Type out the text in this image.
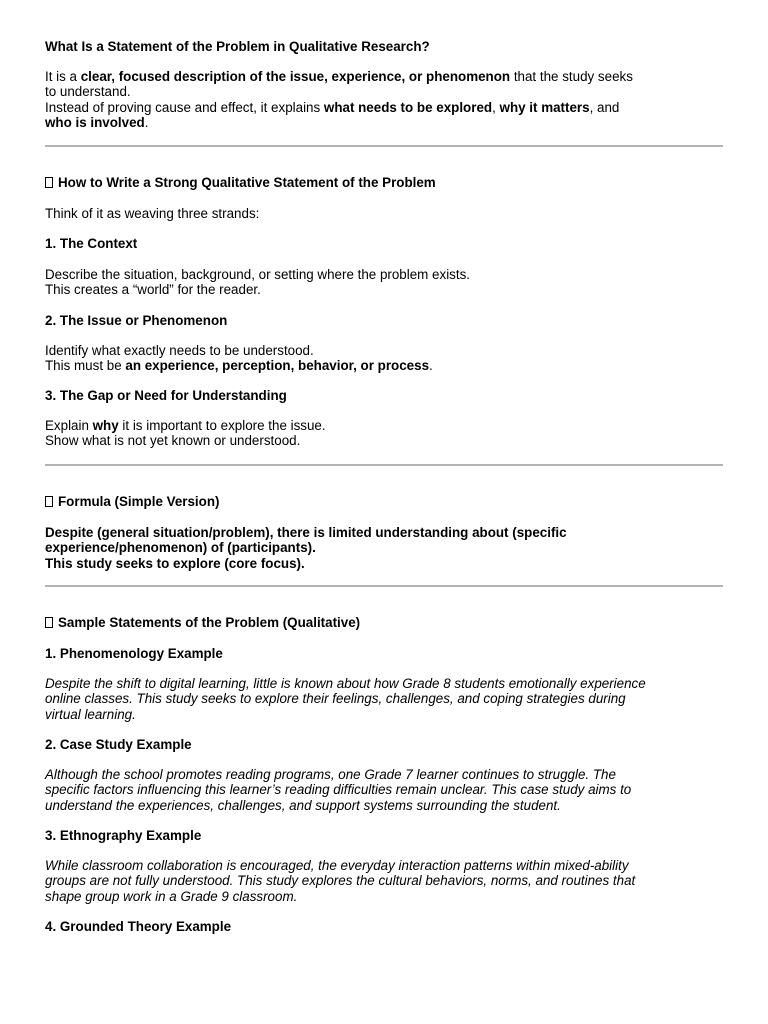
What Is a Statement of the Problem in Qualitative Research?

It is a clear, focused description of the issue, experience, or phenomenon that the study seeks
to understand.
Instead of proving cause and effect, it explains what needs to be explored, why it matters, and
who is involved.

How to Write a Strong Qualitative Statement of the Problem

Think of it as weaving three strands:

1. The Context

Describe the situation, background, or setting where the problem exists.
This creates a “world” for the reader.

2. The Issue or Phenomenon

Identify what exactly needs to be understood.
This must be an experience, perception, behavior, or process.

3. The Gap or Need for Understanding

Explain why it is important to explore the issue.
Show what is not yet known or understood.

Formula (Simple Version)

Despite (general situation/problem), there is limited understanding about (specific
experience/phenomenon) of (participants).
This study seeks to explore (core focus).

Sample Statements of the Problem (Qualitative)

1. Phenomenology Example

Despite the shift to digital learning, little is known about how Grade 8 students emotionally experience
online classes. This study seeks to explore their feelings, challenges, and coping strategies during
virtual learning.

2. Case Study Example

Although the school promotes reading programs, one Grade 7 learner continues to struggle. The
specific factors influencing this learner’s reading difficulties remain unclear. This case study aims to
understand the experiences, challenges, and support systems surrounding the student.

3. Ethnography Example

While classroom collaboration is encouraged, the everyday interaction patterns within mixed-ability
groups are not fully understood. This study explores the cultural behaviors, norms, and routines that
shape group work in a Grade 9 classroom.

4. Grounded Theory Example
